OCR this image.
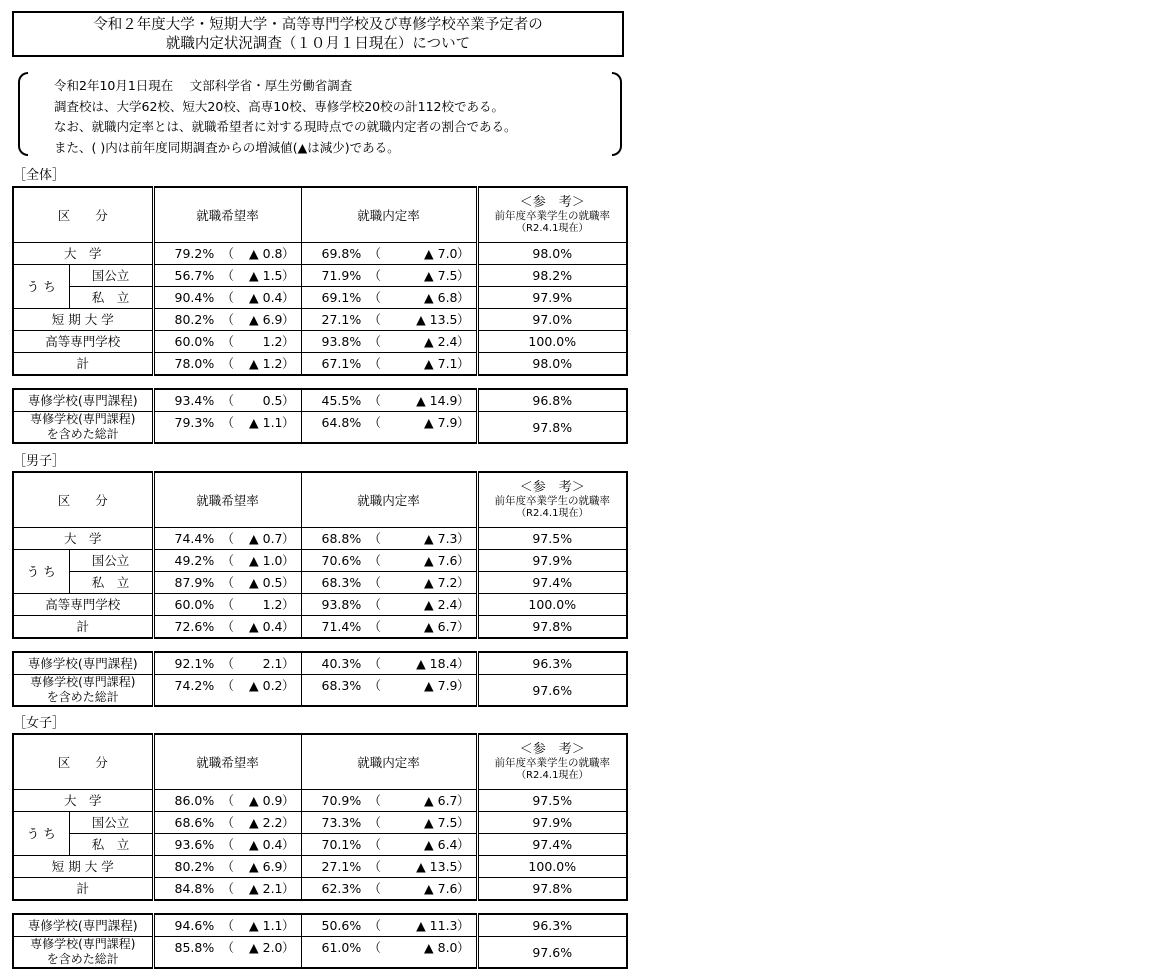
令和２年度大学・短期大学・高等専門学校及び専修学校卒業予定者の
就職内定状況調査（１０月１日現在）について
令和2年10月1日現在　 文部科学省・厚生労働省調査
調査校は、大学62校、短大20校、高専10校、専修学校20校の計112校である。
なお、就職内定率とは、就職希望者に対する現時点での就職内定者の割合である。
また、( )内は前年度同期調査からの増減値(▲は減少)である。
［全体］
区　　分		就職希望率	就職内定率	＜参　考＞
前年度卒業学生の就職率
（R2.4.1現在）

大　学		79.2% （ ▲ 0.8 ）	69.8% （ ▲ 7.0 ）	98.0%
う ち	国公立	56.7% （ ▲ 1.5 ）	71.9% （ ▲ 7.5 ）	98.2%
	私　立	90.4% （ ▲ 0.4 ）	69.1% （ ▲ 6.8 ）	97.9%
短 期 大 学		80.2% （ ▲ 6.9 ）	27.1% （ ▲ 13.5 ）	97.0%
高等専門学校		60.0% （ 1.2 ）	93.8% （ ▲ 2.4 ）	100.0%
計		78.0% （ ▲ 1.2 ）	67.1% （ ▲ 7.1 ）	98.0%
専修学校(専門課程)	93.4% （ 0.5 ）	45.5% （ ▲ 14.9 ）	96.8%

専修学校(専門課程)
を含めた総計	79.3% （ ▲ 1.1 ）	64.8% （ ▲ 7.9 ）	97.8%
［男子］
区　　分		就職希望率	就職内定率	＜参　考＞
前年度卒業学生の就職率
（R2.4.1現在）

大　学		74.4% （ ▲ 0.7 ）	68.8% （ ▲ 7.3 ）	97.5%
う ち	国公立	49.2% （ ▲ 1.0 ）	70.6% （ ▲ 7.6 ）	97.9%
	私　立	87.9% （ ▲ 0.5 ）	68.3% （ ▲ 7.2 ）	97.4%
高等専門学校		60.0% （ 1.2 ）	93.8% （ ▲ 2.4 ）	100.0%
計		72.6% （ ▲ 0.4 ）	71.4% （ ▲ 6.7 ）	97.8%
専修学校(専門課程)	92.1% （ 2.1 ）	40.3% （ ▲ 18.4 ）	96.3%

専修学校(専門課程)
を含めた総計	74.2% （ ▲ 0.2 ）	68.3% （ ▲ 7.9 ）	97.6%
［女子］
区　　分		就職希望率	就職内定率	＜参　考＞
前年度卒業学生の就職率
（R2.4.1現在）

大　学		86.0% （ ▲ 0.9 ）	70.9% （ ▲ 6.7 ）	97.5%
う ち	国公立	68.6% （ ▲ 2.2 ）	73.3% （ ▲ 7.5 ）	97.9%
	私　立	93.6% （ ▲ 0.4 ）	70.1% （ ▲ 6.4 ）	97.4%
短 期 大 学		80.2% （ ▲ 6.9 ）	27.1% （ ▲ 13.5 ）	100.0%
計		84.8% （ ▲ 2.1 ）	62.3% （ ▲ 7.6 ）	97.8%
専修学校(専門課程)	94.6% （ ▲ 1.1 ）	50.6% （ ▲ 11.3 ）	96.3%

専修学校(専門課程)
を含めた総計	85.8% （ ▲ 2.0 ）	61.0% （ ▲ 8.0 ）	97.6%
